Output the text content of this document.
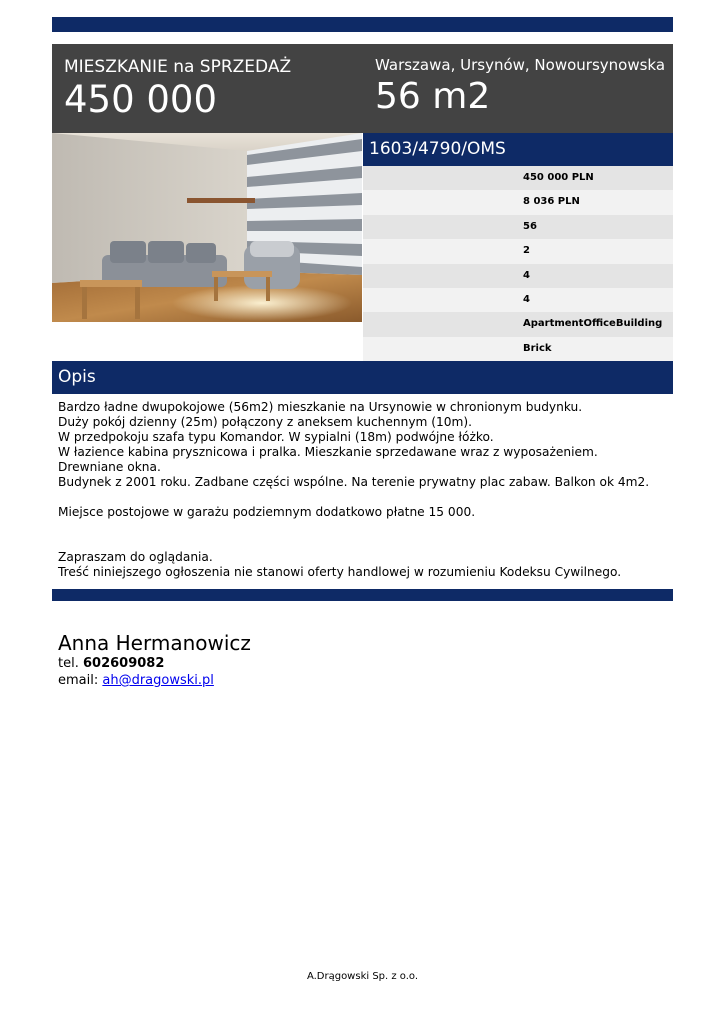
MIESZKANIE na SPRZEDAŻ
450 000
Warszawa, Ursynów, Nowoursynowska
56 m2
1603/4790/OMS
450 000 PLN
8 036 PLN
56
2
4
4
ApartmentOfficeBuilding
Brick
Opis

Bardzo ładne dwupokojowe (56m2) mieszkanie na Ursynowie w chronionym budynku.

Duży pokój dzienny (25m) połączony z aneksem kuchennym (10m).

W przedpokoju szafa typu Komandor. W sypialni (18m) podwójne łóżko.

W łazience kabina prysznicowa i pralka. Mieszkanie sprzedawane wraz z wyposażeniem.

Drewniane okna.

Budynek z 2001 roku. Zadbane części wspólne. Na terenie prywatny plac zabaw. Balkon ok 4m2.

Miejsce postojowe w garażu podziemnym dodatkowo płatne 15 000.

Zapraszam do oglądania.

Treść niniejszego ogłoszenia nie stanowi oferty handlowej w rozumieniu Kodeksu Cywilnego.

Anna Hermanowicz
tel. 602609082
email: ah@dragowski.pl
A.Drągowski Sp. z o.o.
